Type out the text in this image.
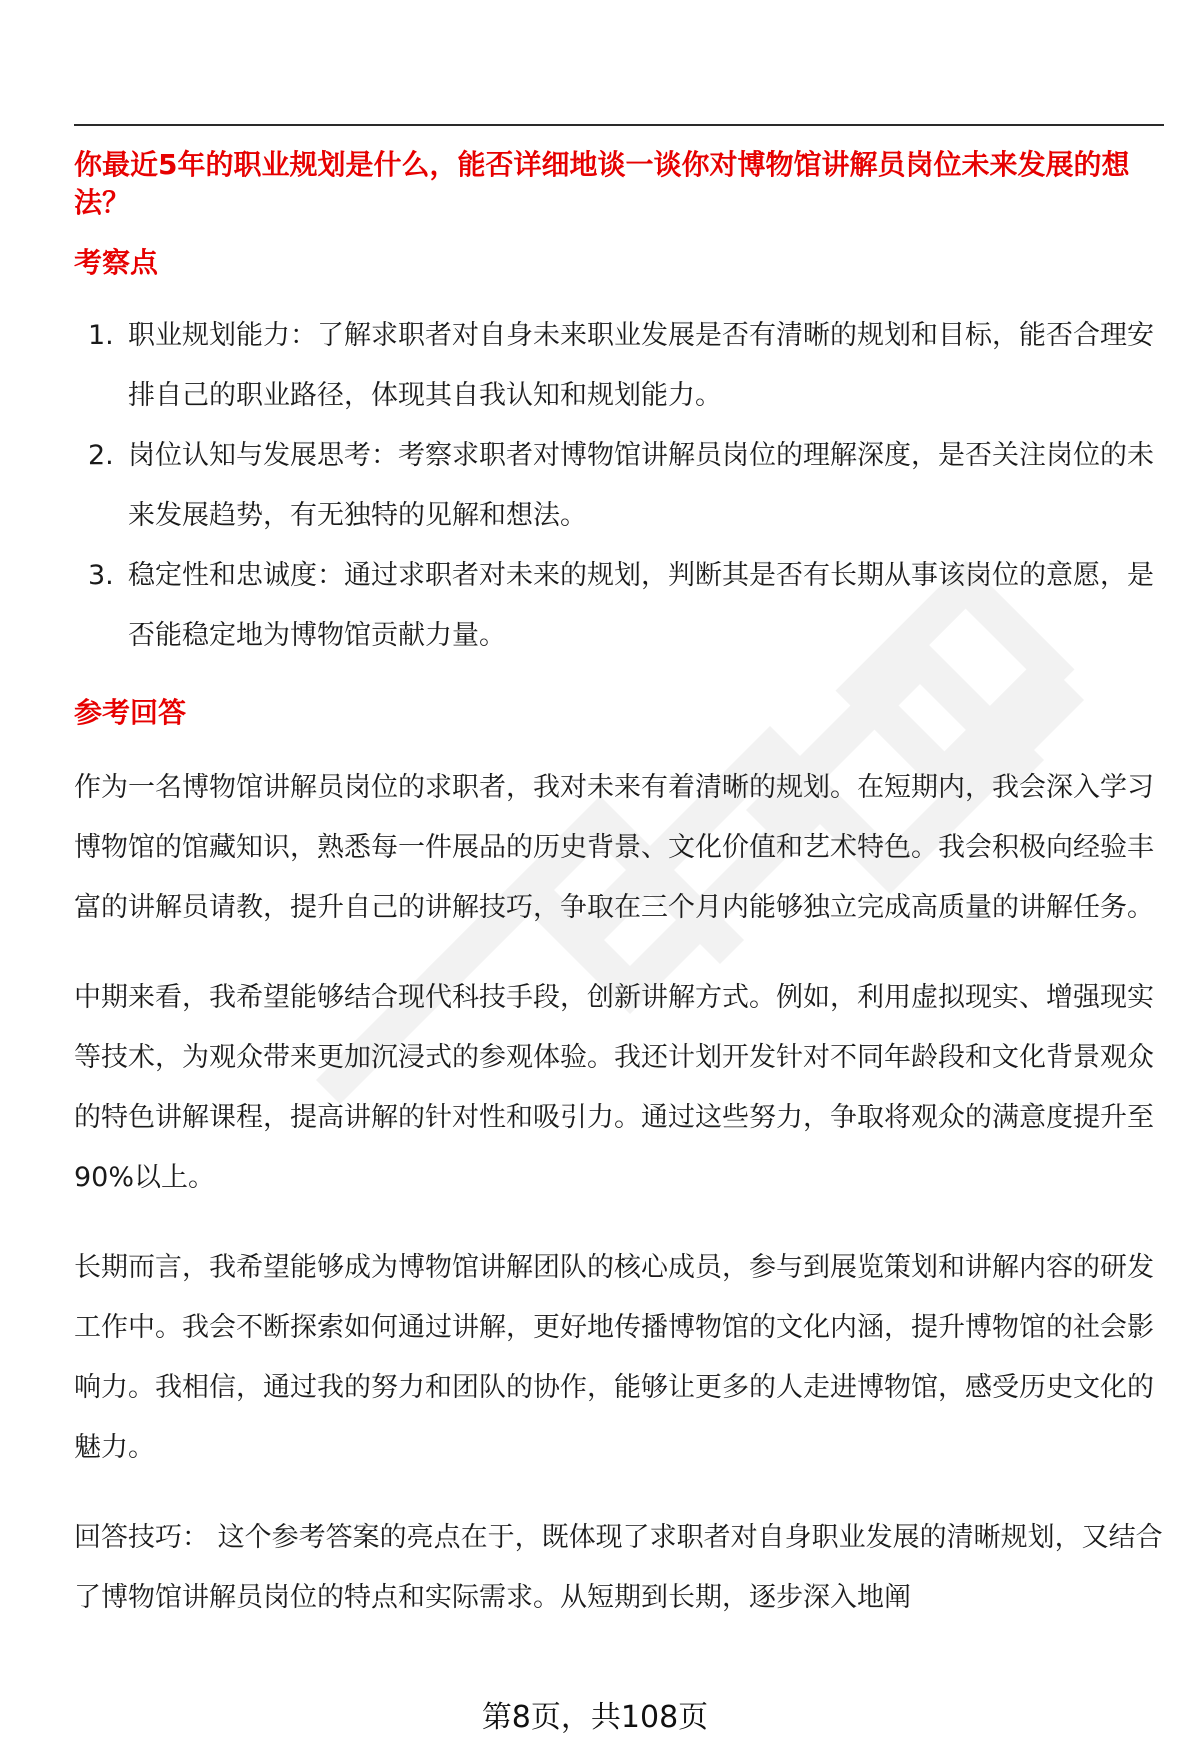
你最近5年的职业规划是什么，能否详细地谈一谈你对博物馆讲解员岗位未来发展的想法？

考察点
1. 职业规划能力：了解求职者对自身未来职业发展是否有清晰的规划和目标，能否合理安排自己的职业路径，体现其自我认知和规划能力。
2. 岗位认知与发展思考：考察求职者对博物馆讲解员岗位的理解深度，是否关注岗位的未来发展趋势，有无独特的见解和想法。
3. 稳定性和忠诚度：通过求职者对未来的规划，判断其是否有长期从事该岗位的意愿，是否能稳定地为博物馆贡献力量。
参考回答

作为一名博物馆讲解员岗位的求职者，我对未来有着清晰的规划。在短期内，我会深入学习博物馆的馆藏知识，熟悉每一件展品的历史背景、文化价值和艺术特色。我会积极向经验丰富的讲解员请教，提升自己的讲解技巧，争取在三个月内能够独立完成高质量的讲解任务。

中期来看，我希望能够结合现代科技手段，创新讲解方式。例如，利用虚拟现实、增强现实等技术，为观众带来更加沉浸式的参观体验。我还计划开发针对不同年龄段和文化背景观众的特色讲解课程，提高讲解的针对性和吸引力。通过这些努力，争取将观众的满意度提升至 90%以上。

长期而言，我希望能够成为博物馆讲解团队的核心成员，参与到展览策划和讲解内容的研发工作中。我会不断探索如何通过讲解，更好地传播博物馆的文化内涵，提升博物馆的社会影响力。我相信，通过我的努力和团队的协作，能够让更多的人走进博物馆，感受历史文化的魅力。

回答技巧： 这个参考答案的亮点在于，既体现了求职者对自身职业发展的清晰规划，又结合了博物馆讲解员岗位的特点和实际需求。从短期到长期，逐步深入地阐

第8页，共108页
